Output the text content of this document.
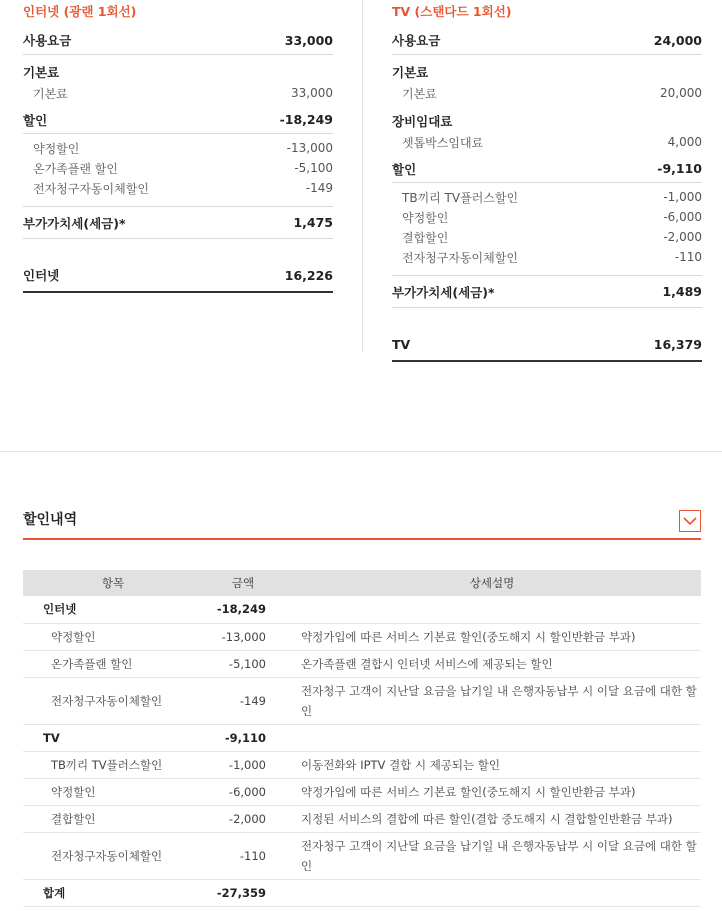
인터넷 (광랜 1회선)
사용요금	33,000
기본료
기본료	33,000
할인	-18,249
약정할인	-13,000
온가족플랜 할인	-5,100
전자청구자동이체할인	-149
부가가치세(세금)*	1,475
인터넷	16,226
TV (스탠다드 1회선)
사용요금	24,000
기본료
기본료	20,000
장비임대료
셋톱박스임대료	4,000
할인	-9,110
TB끼리 TV플러스할인	-1,000
약정할인	-6,000
결합할인	-2,000
전자청구자동이체할인	-110
부가가치세(세금)*	1,489
TV	16,379
할인내역
항목	금액	상세설명
인터넷	-18,249	
약정할인	-13,000	약정가입에 따른 서비스 기본료 할인(중도해지 시 할인반환금 부과)
온가족플랜 할인	-5,100	온가족플랜 결합시 인터넷 서비스에 제공되는 할인
전자청구자동이체할인	-149	전자청구 고객이 지난달 요금을 납기일 내 은행자동납부 시 이달 요금에 대한 할인
TV	-9,110	
TB끼리 TV플러스할인	-1,000	이동전화와 IPTV 결합 시 제공되는 할인
약정할인	-6,000	약정가입에 따른 서비스 기본료 할인(중도해지 시 할인반환금 부과)
결합할인	-2,000	지정된 서비스의 결합에 따른 할인(결합 중도해지 시 결합할인반환금 부과)
전자청구자동이체할인	-110	전자청구 고객이 지난달 요금을 납기일 내 은행자동납부 시 이달 요금에 대한 할인
합계	-27,359	
